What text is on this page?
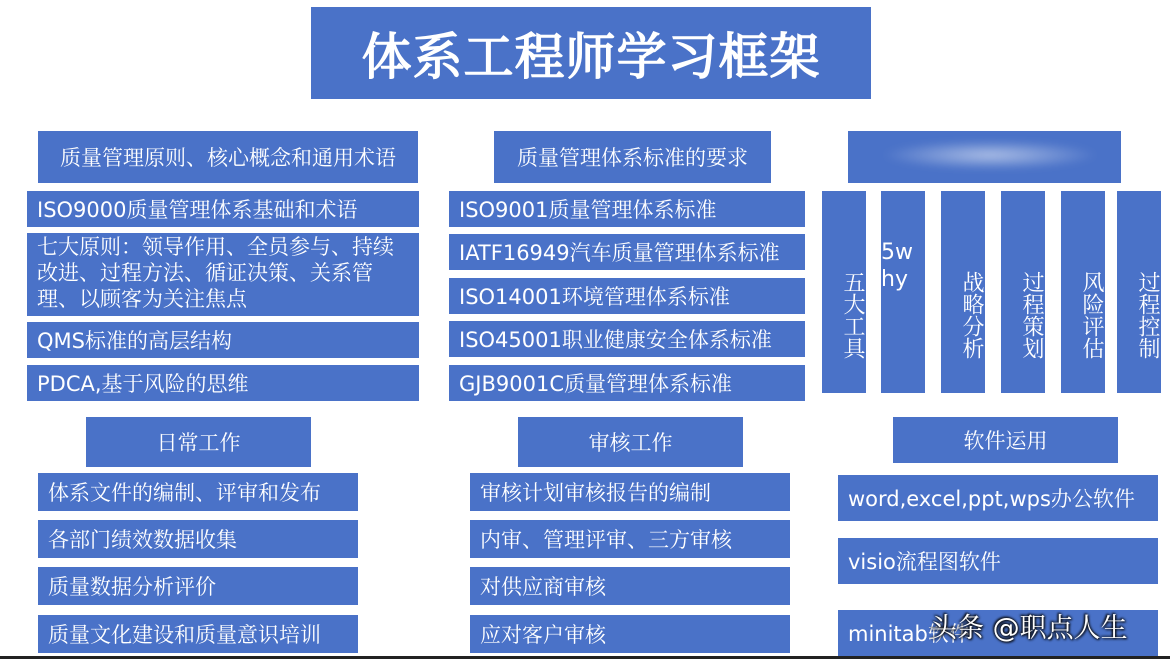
体系工程师学习框架
质量管理原则、核心概念和通用术语
ISO9000质量管理体系基础和术语
七大原则：领导作用、全员参与、持续改进、过程方法、循证决策、关系管理、以顾客为关注焦点
QMS标准的高层结构
PDCA,基于风险的思维
质量管理体系标准的要求
ISO9001质量管理体系标准
IATF16949汽车质量管理体系标准
ISO14001环境管理体系标准
ISO45001职业健康安全体系标准
GJB9001C质量管理体系标准
五大工具
5why	战略分析	过程策划	风险评估	过程控制
日常工作
体系文件的编制、评审和发布
各部门绩效数据收集
质量数据分析评价
质量文化建设和质量意识培训
审核工作
审核计划审核报告的编制
内审、管理评审、三方审核
对供应商审核
应对客户审核
软件运用
word,excel,ppt,wps办公软件
visio流程图软件
minitab软件
头条 @职点人生
